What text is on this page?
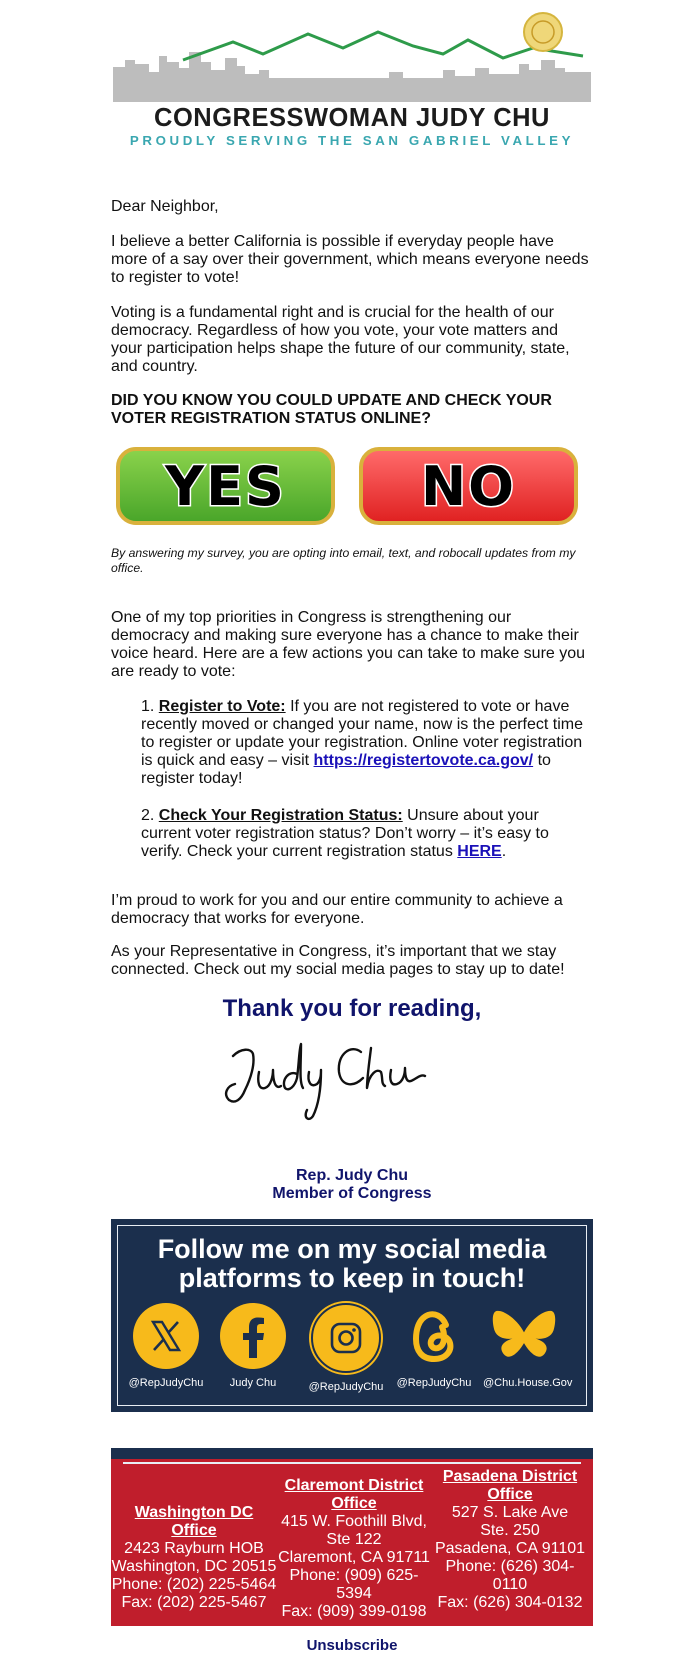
CONGRESSWOMAN JUDY CHU
PROUDLY SERVING THE SAN GABRIEL VALLEY

Dear Neighbor,

I believe a better California is possible if everyday people have more of a say over their government, which means everyone needs to register to vote!

Voting is a fundamental right and is crucial for the health of our democracy. Regardless of how you vote, your vote matters and your participation helps shape the future of our community, state, and country.

DID YOU KNOW YOU COULD UPDATE AND CHECK YOUR VOTER REGISTRATION STATUS ONLINE?

YES	NO

By answering my survey, you are opting into email, text, and robocall updates from my office.

One of my top priorities in Congress is strengthening our democracy and making sure everyone has a chance to make their voice heard. Here are a few actions you can take to make sure you are ready to vote:

1. Register to Vote: If you are not registered to vote or have recently moved or changed your name, now is the perfect time to register or update your registration. Online voter registration is quick and easy – visit https://registertovote.ca.gov/ to register today!
2. Check Your Registration Status: Unsure about your current voter registration status? Don’t worry – it’s easy to verify. Check your current registration status HERE.

I’m proud to work for you and our entire community to achieve a democracy that works for everyone.

As your Representative in Congress, it’s important that we stay connected. Check out my social media pages to stay up to date!

Thank you for reading,
Rep. Judy Chu
Member of Congress
Follow me on my social media
platforms to keep in touch!
@RepJudyChu	Judy Chu	@RepJudyChu	@RepJudyChu	@Chu.House.Gov
Washington DC Office
2423 Rayburn HOB
Washington, DC 20515
Phone: (202) 225-5464
Fax: (202) 225-5467
Claremont District
Office
415 W. Foothill Blvd,
Ste 122
Claremont, CA 91711
Phone: (909) 625-
5394
Fax: (909) 399-0198
Pasadena District
Office
527 S. Lake Ave
Ste. 250
Pasadena, CA 91101
Phone: (626) 304-
0110
Fax: (626) 304-0132
Unsubscribe
